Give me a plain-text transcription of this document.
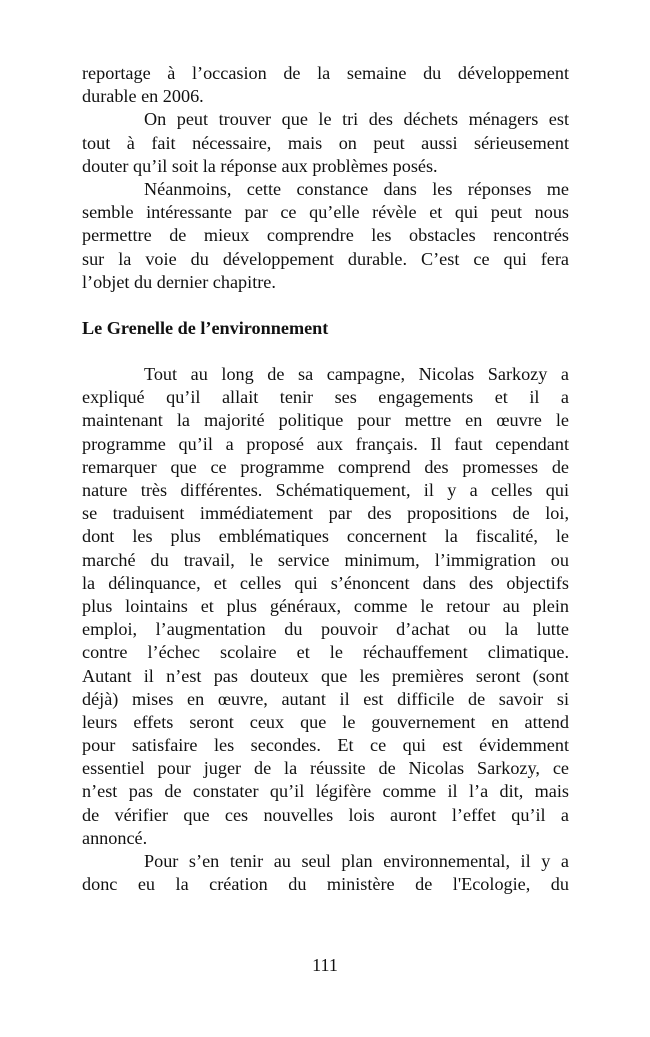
reportage à l’occasion de la semaine du développement
durable en 2006.
On peut trouver que le tri des déchets ménagers est
tout à fait nécessaire, mais on peut aussi sérieusement
douter qu’il soit la réponse aux problèmes posés.
Néanmoins, cette constance dans les réponses me
semble intéressante par ce qu’elle révèle et qui peut nous
permettre de mieux comprendre les obstacles rencontrés
sur la voie du développement durable. C’est ce qui fera
l’objet du dernier chapitre.
Le Grenelle de l’environnement
Tout au long de sa campagne, Nicolas Sarkozy a
expliqué qu’il allait tenir ses engagements et il a
maintenant la majorité politique pour mettre en œuvre le
programme qu’il a proposé aux français. Il faut cependant
remarquer que ce programme comprend des promesses de
nature très différentes. Schématiquement, il y a celles qui
se traduisent immédiatement par des propositions de loi,
dont les plus emblématiques concernent la fiscalité, le
marché du travail, le service minimum, l’immigration ou
la délinquance, et celles qui s’énoncent dans des objectifs
plus lointains et plus généraux, comme le retour au plein
emploi, l’augmentation du pouvoir d’achat ou la lutte
contre l’échec scolaire et le réchauffement climatique.
Autant il n’est pas douteux que les premières seront (sont
déjà) mises en œuvre, autant il est difficile de savoir si
leurs effets seront ceux que le gouvernement en attend
pour satisfaire les secondes. Et ce qui est évidemment
essentiel pour juger de la réussite de Nicolas Sarkozy, ce
n’est pas de constater qu’il légifère comme il l’a dit, mais
de vérifier que ces nouvelles lois auront l’effet qu’il a
annoncé.
Pour s’en tenir au seul plan environnemental, il y a
donc eu la création du ministère de l'Ecologie, du
111
